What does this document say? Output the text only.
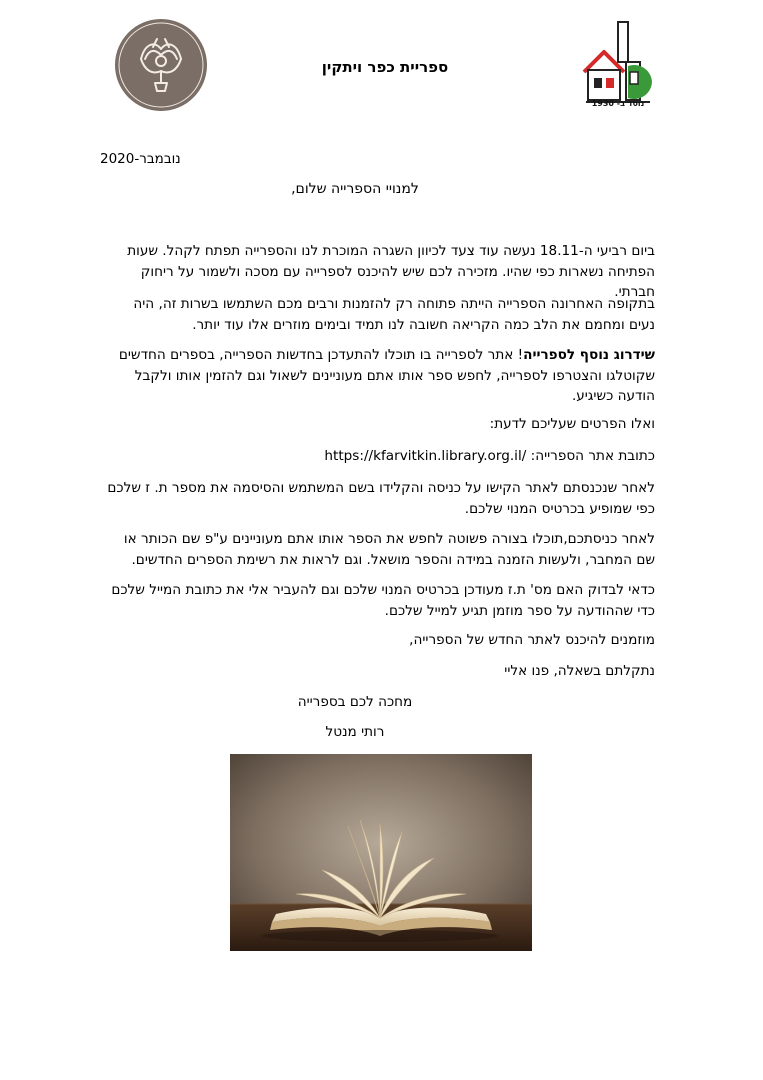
ספריית כפר ויתקין
נוסד ב- 1930
נובמבר-2020
למנויי הספרייה שלום,

ביום רביעי ה-18.11 נעשה עוד צעד לכיוון השגרה המוכרת לנו והספרייה תפתח לקהל. שעות הפתיחה נשארות כפי שהיו. מזכירה לכם שיש להיכנס לספרייה עם מסכה ולשמור על ריחוק חברתי.

בתקופה האחרונה הספרייה הייתה פתוחה רק להזמנות ורבים מכם השתמשו בשרות זה, היה נעים ומחמם את הלב כמה הקריאה חשובה לנו תמיד ובימים מוזרים אלו עוד יותר.

שידרוג נוסף לספרייה! אתר לספרייה בו תוכלו להתעדכן בחדשות הספרייה, בספרים החדשים שקוטלגו והצטרפו לספרייה, לחפש ספר אותו אתם מעוניינים לשאול וגם להזמין אותו ולקבל הודעה כשיגיע.

ואלו הפרטים שעליכם לדעת:

כתובת אתר הספרייה: https://kfarvitkin.library.org.il/

לאחר שנכנסתם לאתר הקישו על כניסה והקלידו בשם המשתמש והסיסמה את מספר ת. ז שלכם כפי שמופיע בכרטיס המנוי שלכם.

לאחר כניסתכם,תוכלו בצורה פשוטה לחפש את הספר אותו אתם מעוניינים ע"פ שם הכותר או שם המחבר, ולעשות הזמנה במידה והספר מושאל. וגם לראות את רשימת הספרים החדשים.

כדאי לבדוק האם מס' ת.ז מעודכן בכרטיס המנוי שלכם וגם להעביר אלי את כתובת המייל שלכם כדי שההודעה על ספר מוזמן תגיע למייל שלכם.

מוזמנים להיכנס לאתר החדש של הספרייה,

נתקלתם בשאלה, פנו אליי

מחכה לכם בספרייה
רותי מנטל
